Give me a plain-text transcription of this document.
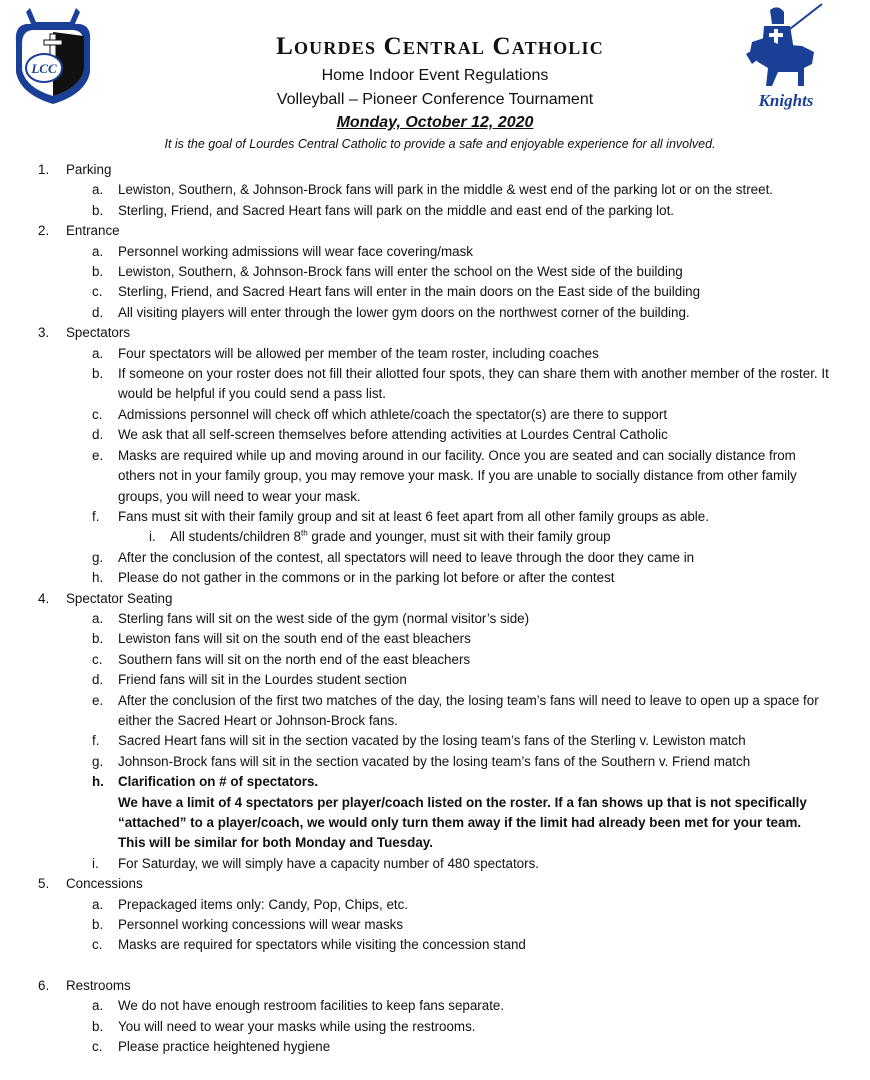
LCC
Knights
Lourdes Central Catholic
Home Indoor Event Regulations
Volleyball – Pioneer Conference Tournament
Monday, October 12, 2020
It is the goal of Lourdes Central Catholic to provide a safe and enjoyable experience for all involved.
1. Parking
a. Lewiston, Southern, & Johnson-Brock fans will park in the middle & west end of the parking lot or on the street.
b. Sterling, Friend, and Sacred Heart fans will park on the middle and east end of the parking lot.
2. Entrance
a. Personnel working admissions will wear face covering/mask
b. Lewiston, Southern, & Johnson-Brock fans will enter the school on the West side of the building
c. Sterling, Friend, and Sacred Heart fans will enter in the main doors on the East side of the building
d. All visiting players will enter through the lower gym doors on the northwest corner of the building.
3. Spectators
a. Four spectators will be allowed per member of the team roster, including coaches
b. If someone on your roster does not fill their allotted four spots, they can share them with another member of the roster. It would be helpful if you could send a pass list.
c. Admissions personnel will check off which athlete/coach the spectator(s) are there to support
d. We ask that all self-screen themselves before attending activities at Lourdes Central Catholic
e. Masks are required while up and moving around in our facility. Once you are seated and can socially distance from others not in your family group, you may remove your mask. If you are unable to socially distance from other family groups, you will need to wear your mask.
f. Fans must sit with their family group and sit at least 6 feet apart from all other family groups as able.
i. All students/children 8th grade and younger, must sit with their family group
g. After the conclusion of the contest, all spectators will need to leave through the door they came in
h. Please do not gather in the commons or in the parking lot before or after the contest
4. Spectator Seating
a. Sterling fans will sit on the west side of the gym (normal visitor’s side)
b. Lewiston fans will sit on the south end of the east bleachers
c. Southern fans will sit on the north end of the east bleachers
d. Friend fans will sit in the Lourdes student section
e. After the conclusion of the first two matches of the day, the losing team’s fans will need to leave to open up a space for either the Sacred Heart or Johnson-Brock fans.
f. Sacred Heart fans will sit in the section vacated by the losing team’s fans of the Sterling v. Lewiston match
g. Johnson-Brock fans will sit in the section vacated by the losing team’s fans of the Southern v. Friend match
h. Clarification on # of spectators.
We have a limit of 4 spectators per player/coach listed on the roster. If a fan shows up that is not specifically “attached” to a player/coach, we would only turn them away if the limit had already been met for your team. This will be similar for both Monday and Tuesday.
i. For Saturday, we will simply have a capacity number of 480 spectators.
5. Concessions
a. Prepackaged items only: Candy, Pop, Chips, etc.
b. Personnel working concessions will wear masks
c. Masks are required for spectators while visiting the concession stand
6. Restrooms
a. We do not have enough restroom facilities to keep fans separate.
b. You will need to wear your masks while using the restrooms.
c. Please practice heightened hygiene
